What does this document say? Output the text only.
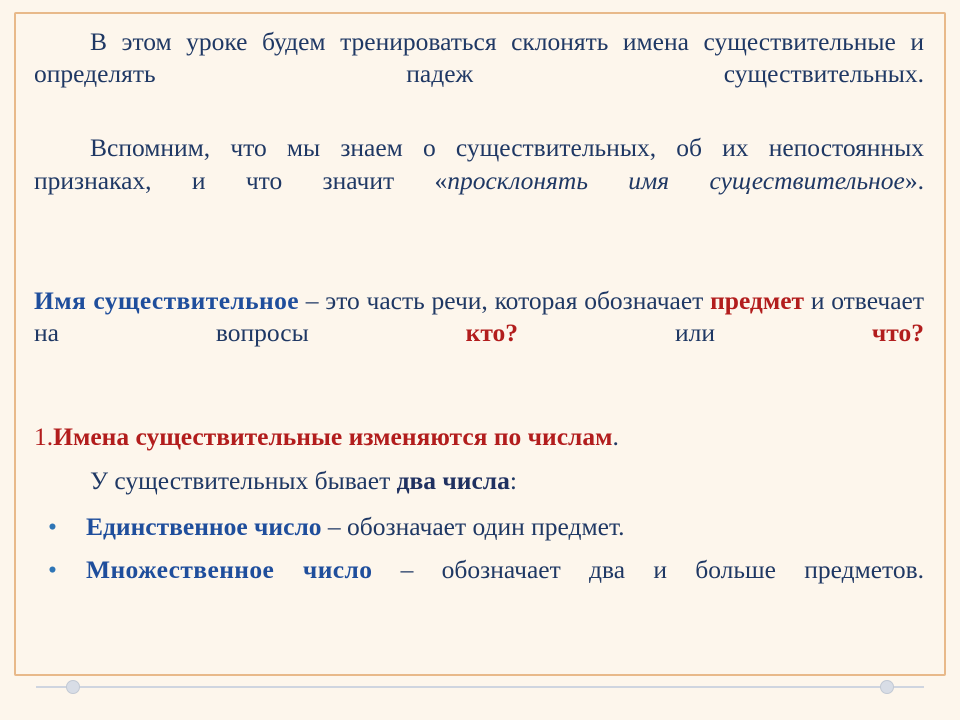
В этом уроке будем тренироваться склонять имена существительные и определять падеж существительных.

Вспомним, что мы знаем о существительных, об их непостоянных признаках, и что значит «просклонять имя существительное».

Имя существительное – это часть речи, которая обозначает предмет и отвечает на вопросы кто? или что?

1.Имена существительные изменяются по числам.

У существительных бывает два числа:

• Единственное число – обозначает один предмет.
• Множественное число – обозначает два и больше предметов.
